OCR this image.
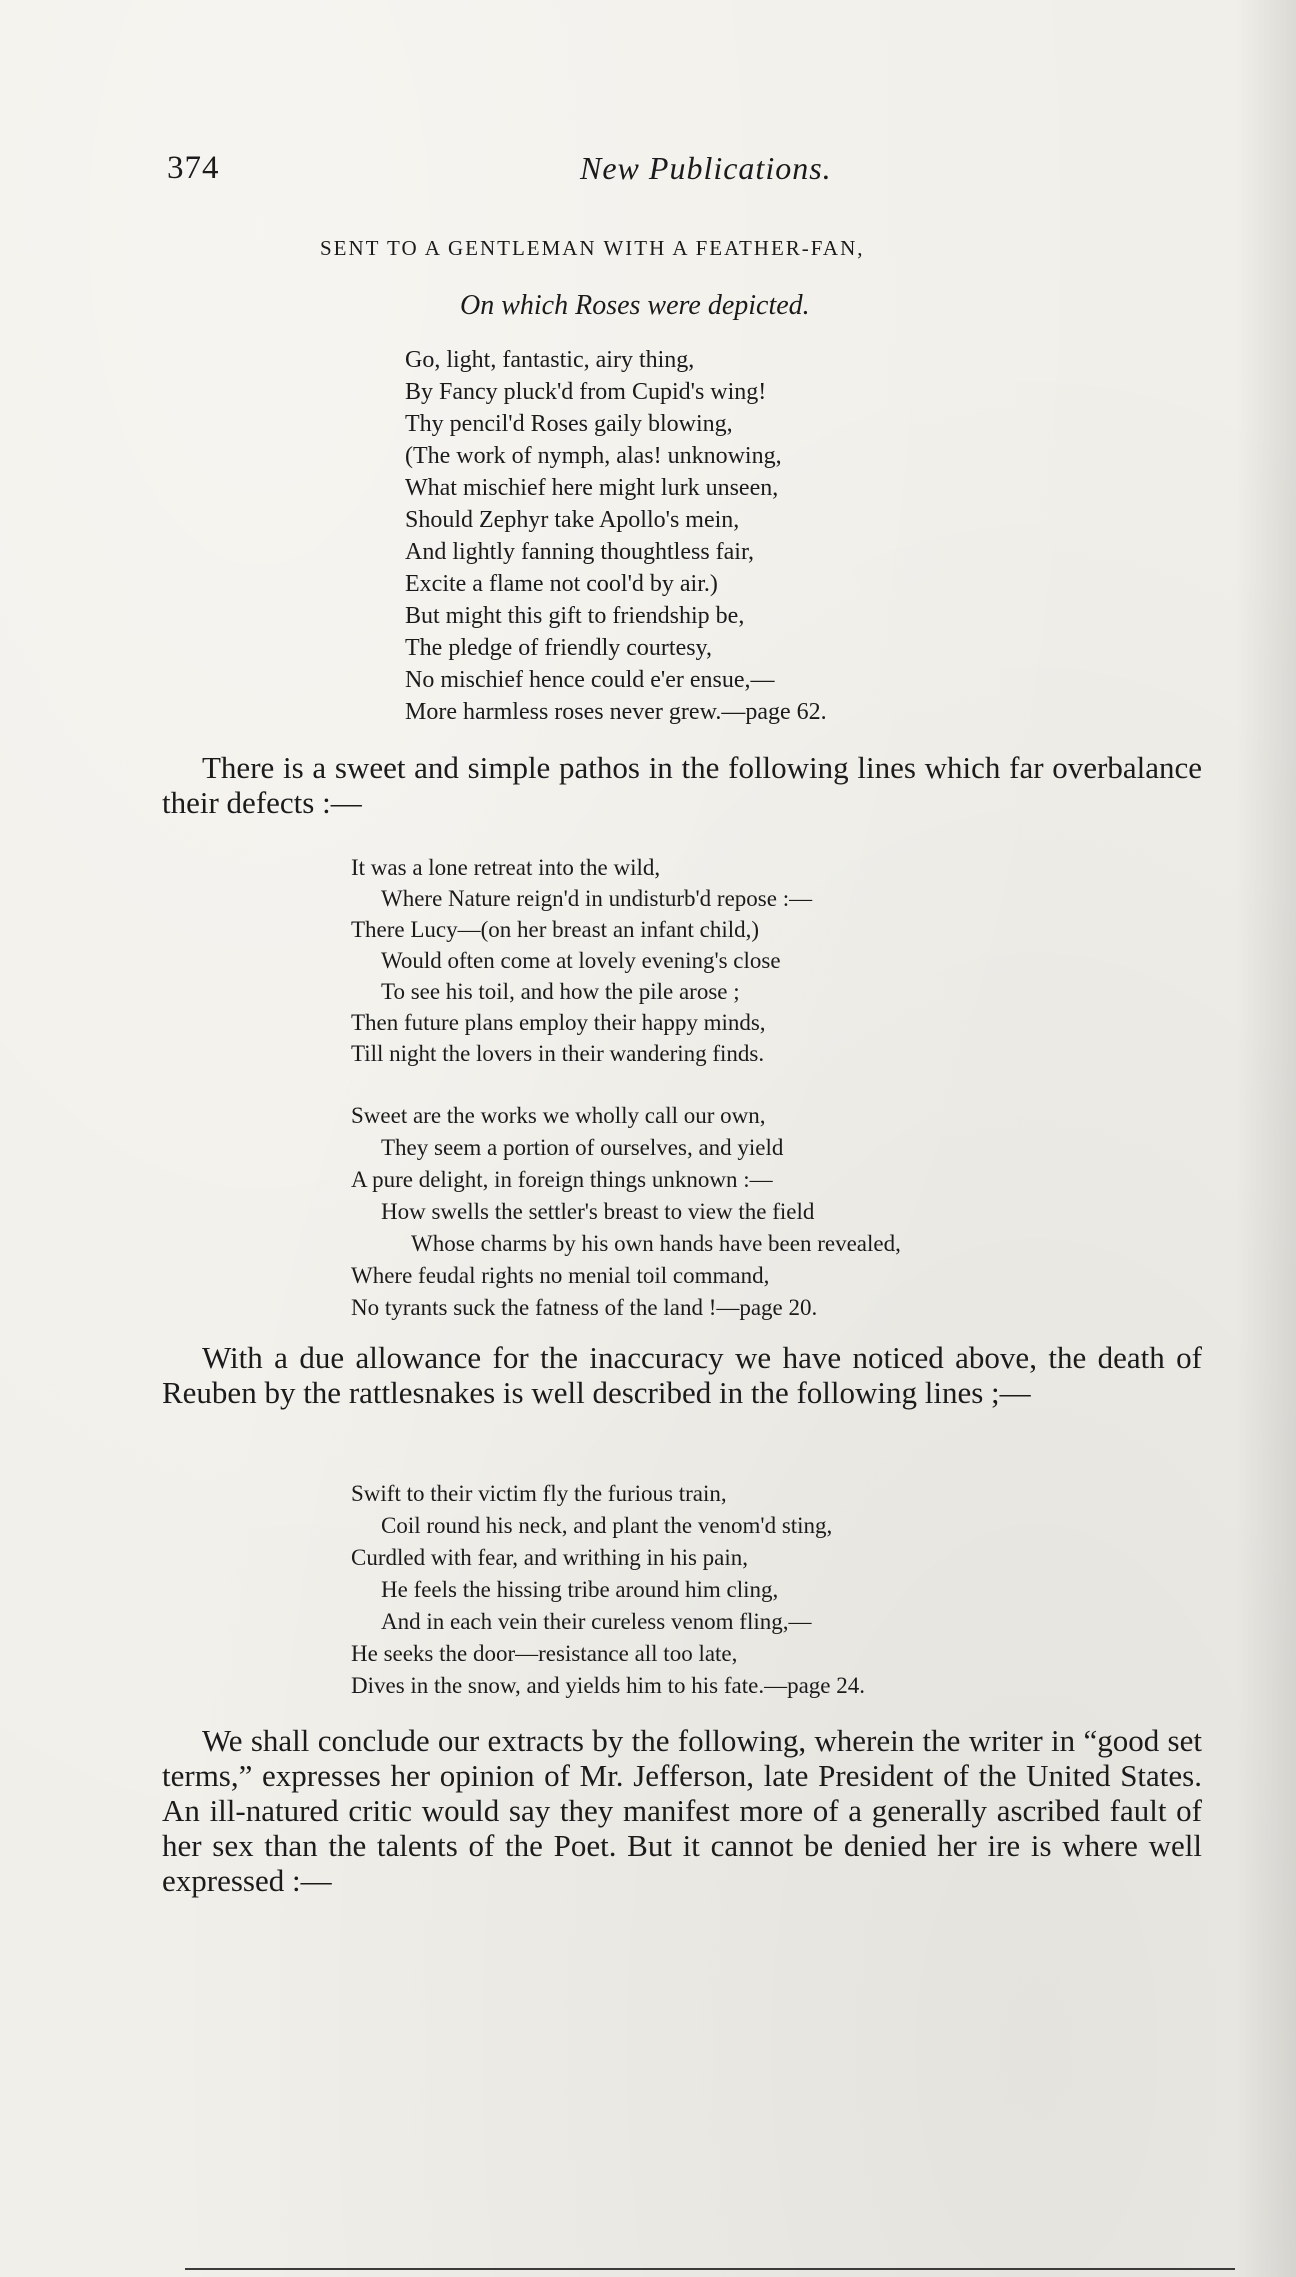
374	New Publications.
SENT TO A GENTLEMAN WITH A FEATHER-FAN,
On which Roses were depicted.
Go, light, fantastic, airy thing,
By Fancy pluck'd from Cupid's wing!
Thy pencil'd Roses gaily blowing,
(The work of nymph, alas! unknowing,
What mischief here might lurk unseen,
Should Zephyr take Apollo's mein,
And lightly fanning thoughtless fair,
Excite a flame not cool'd by air.)
But might this gift to friendship be,
The pledge of friendly courtesy,
No mischief hence could e'er ensue,—
More harmless roses never grew.—page 62.
There is a sweet and simple pathos in the following lines which far overbalance their defects :—
It was a lone retreat into the wild,
Where Nature reign'd in undisturb'd repose :—
There Lucy—(on her breast an infant child,)
Would often come at lovely evening's close
To see his toil, and how the pile arose ;
Then future plans employ their happy minds,
Till night the lovers in their wandering finds.
Sweet are the works we wholly call our own,
They seem a portion of ourselves, and yield
A pure delight, in foreign things unknown :—
How swells the settler's breast to view the field
Whose charms by his own hands have been revealed,
Where feudal rights no menial toil command,
No tyrants suck the fatness of the land !—page 20.
With a due allowance for the inaccuracy we have noticed above, the death of Reuben by the rattlesnakes is well described in the following lines ;—
Swift to their victim fly the furious train,
Coil round his neck, and plant the venom'd sting,
Curdled with fear, and writhing in his pain,
He feels the hissing tribe around him cling,
And in each vein their cureless venom fling,—
He seeks the door—resistance all too late,
Dives in the snow, and yields him to his fate.—page 24.
We shall conclude our extracts by the following, wherein the writer in “good set terms,” expresses her opinion of Mr. Jefferson, late President of the United States. An ill-natured critic would say they manifest more of a generally ascribed fault of her sex than the talents of the Poet. But it cannot be denied her ire is where well expressed :—
